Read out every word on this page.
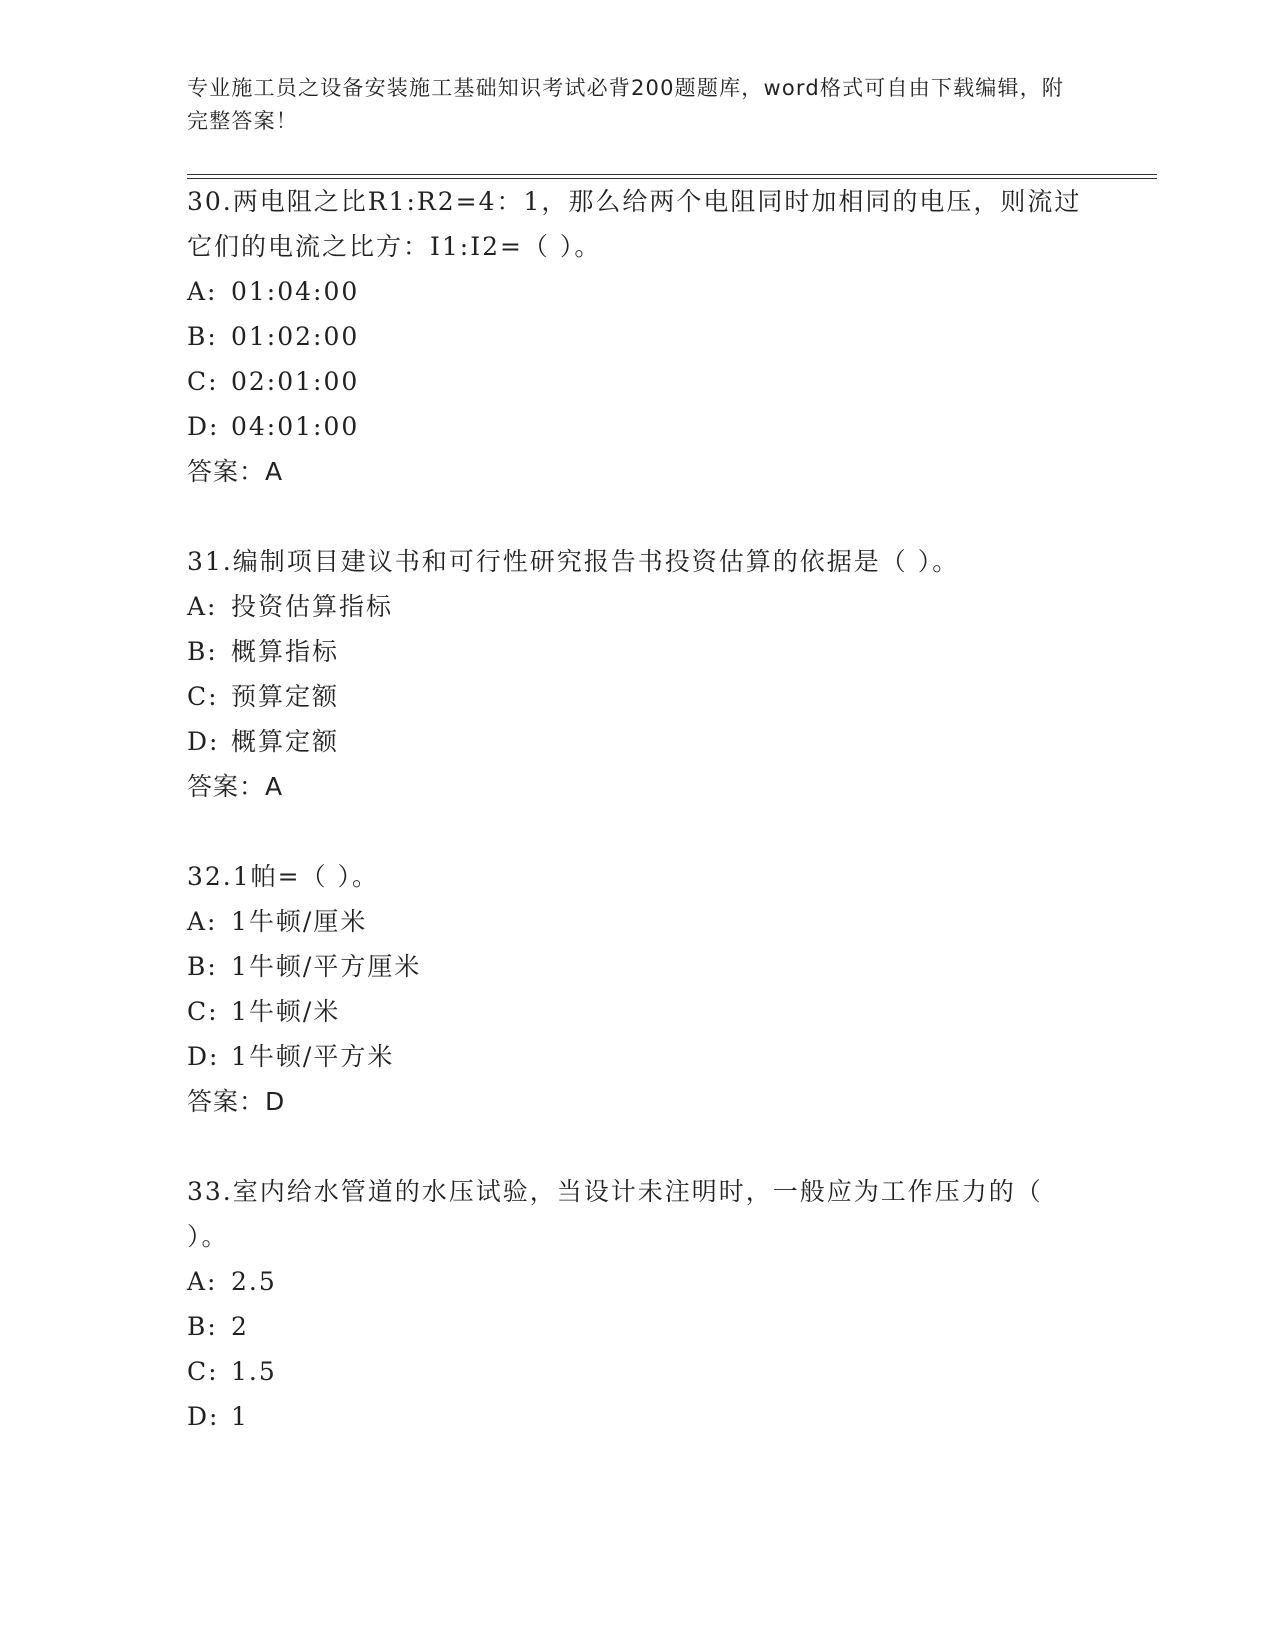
专业施工员之设备安装施工基础知识考试必背200题题库，word格式可自由下载编辑，附完整答案！
30.两电阻之比R1:R2=4：1，那么给两个电阻同时加相同的电压，则流过它们的电流之比方：I1:I2=（ ）。
A: 01:04:00
B: 01:02:00
C: 02:01:00
D: 04:01:00
答案：A
31.编制项目建议书和可行性研究报告书投资估算的依据是（ ）。
A: 投资估算指标
B: 概算指标
C: 预算定额
D: 概算定额
答案：A
32.1帕=（ ）。
A: 1牛顿/厘米
B: 1牛顿/平方厘米
C: 1牛顿/米
D: 1牛顿/平方米
答案：D
33.室内给水管道的水压试验，当设计未注明时，一般应为工作压力的（ ）。
A: 2.5
B: 2
C: 1.5
D: 1
